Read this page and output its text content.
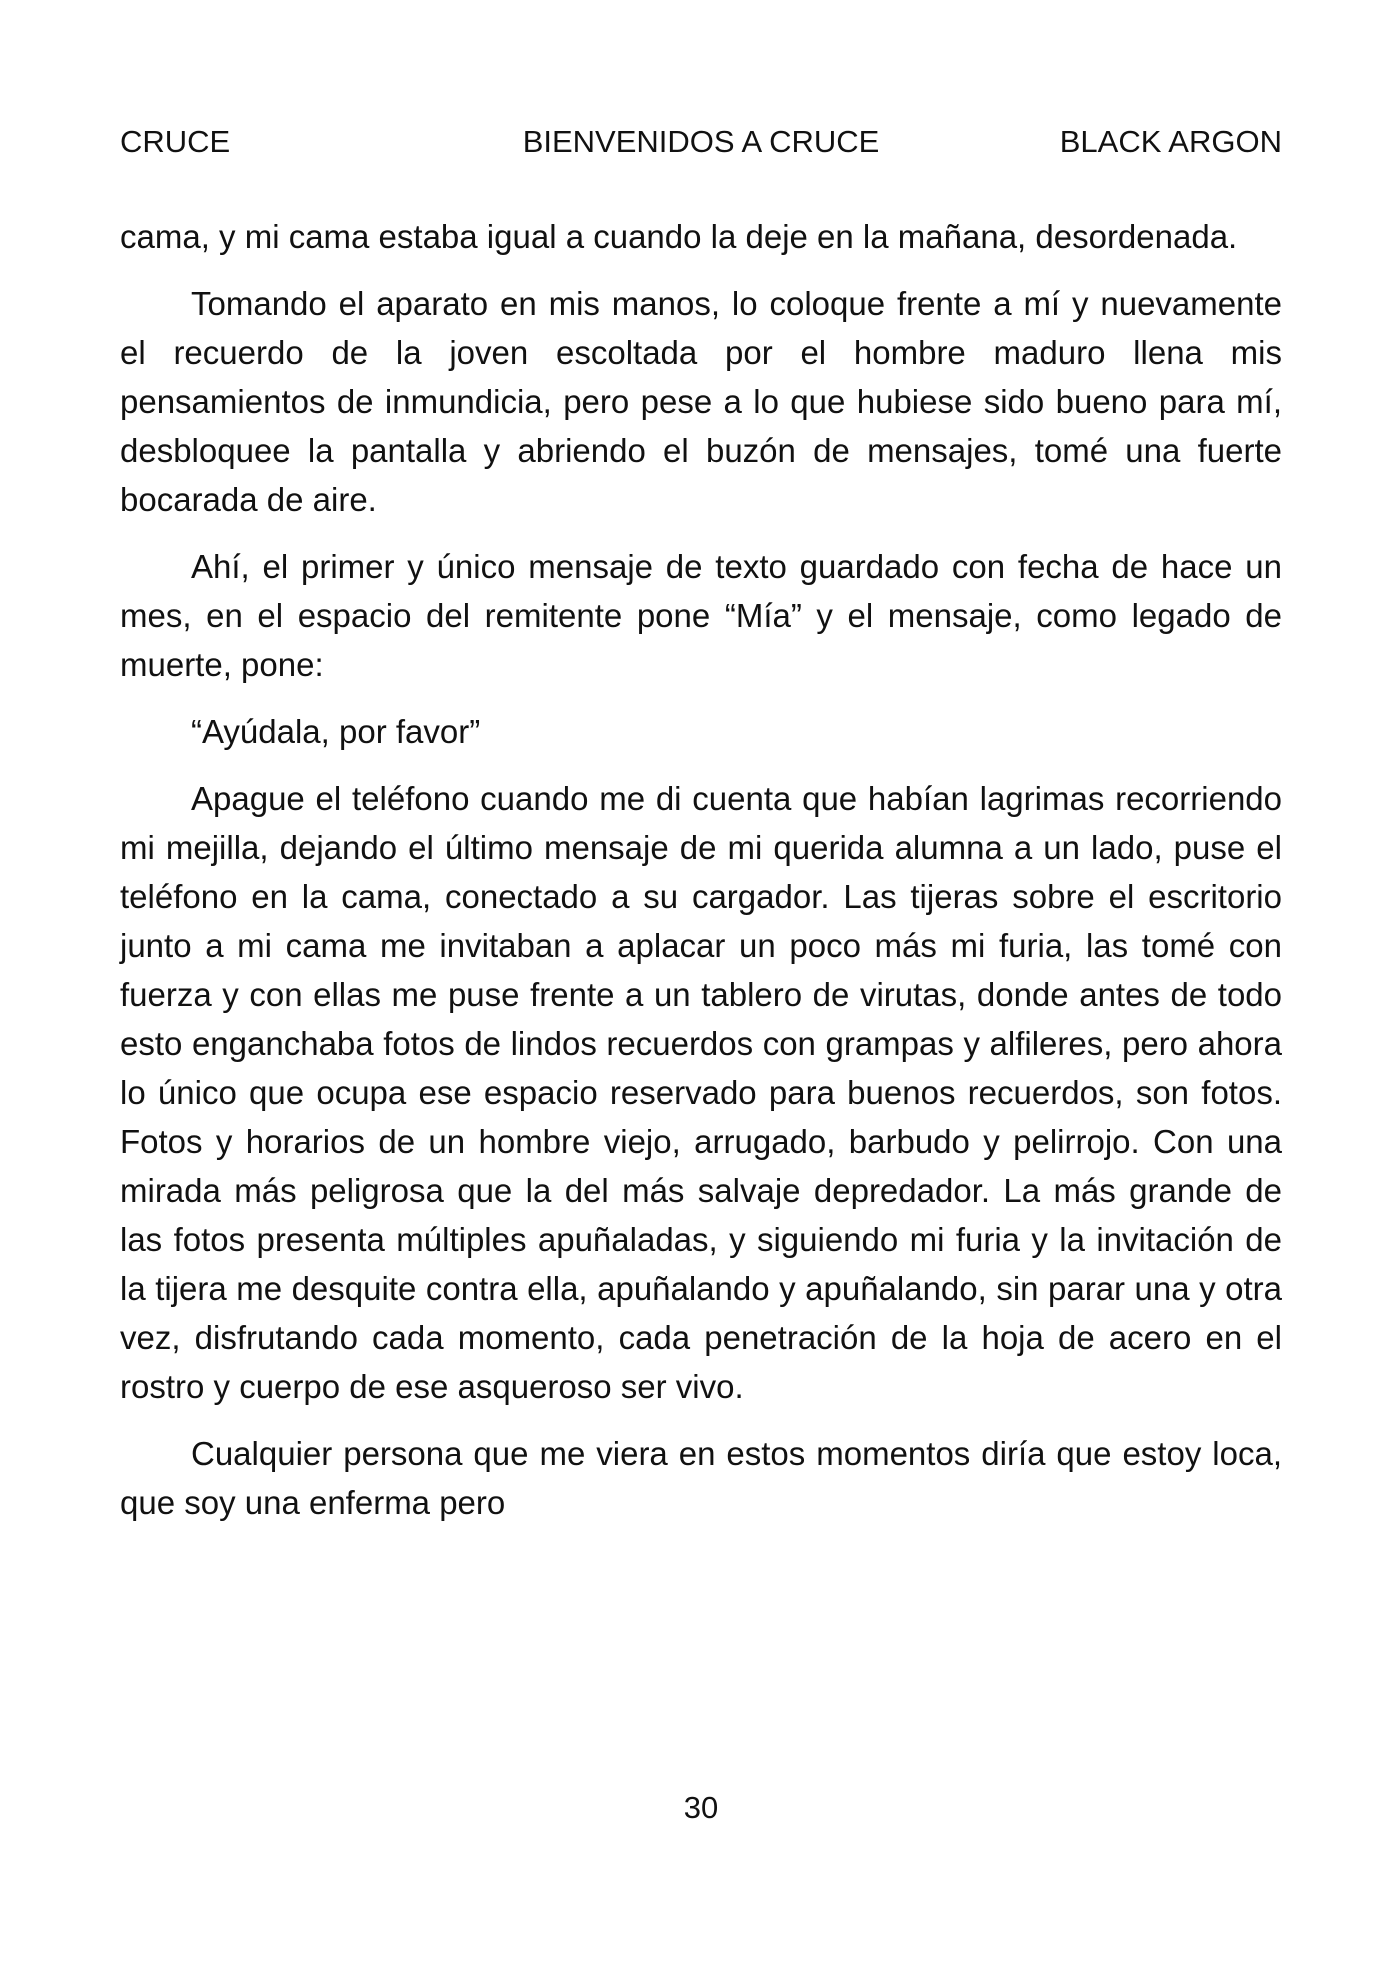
CRUCE	BIENVENIDOS A CRUCE	BLACK ARGON

cama, y mi cama estaba igual a cuando la deje en la mañana, desordenada.

Tomando el aparato en mis manos, lo coloque frente a mí y nuevamente el recuerdo de la joven escoltada por el hombre maduro llena mis pensamientos de inmundicia, pero pese a lo que hubiese sido bueno para mí, desbloquee la pantalla y abriendo el buzón de mensajes, tomé una fuerte bocarada de aire.

Ahí, el primer y único mensaje de texto guardado con fecha de hace un mes, en el espacio del remitente pone “Mía” y el mensaje, como legado de muerte, pone:

“Ayúdala, por favor”

Apague el teléfono cuando me di cuenta que habían lagrimas recorriendo mi mejilla, dejando el último mensaje de mi querida alumna a un lado, puse el teléfono en la cama, conectado a su cargador. Las tijeras sobre el escritorio junto a mi cama me invitaban a aplacar un poco más mi furia, las tomé con fuerza y con ellas me puse frente a un tablero de virutas, donde antes de todo esto enganchaba fotos de lindos recuerdos con grampas y alfileres, pero ahora lo único que ocupa ese espacio reservado para buenos recuerdos, son fotos. Fotos y horarios de un hombre viejo, arrugado, barbudo y pelirrojo. Con una mirada más peligrosa que la del más salvaje depredador. La más grande de las fotos presenta múltiples apuñaladas, y siguiendo mi furia y la invitación de la tijera me desquite contra ella, apuñalando y apuñalando, sin parar una y otra vez, disfrutando cada momento, cada penetración de la hoja de acero en el rostro y cuerpo de ese asqueroso ser vivo.

Cualquier persona que me viera en estos momentos diría que estoy loca, que soy una enferma pero

30
